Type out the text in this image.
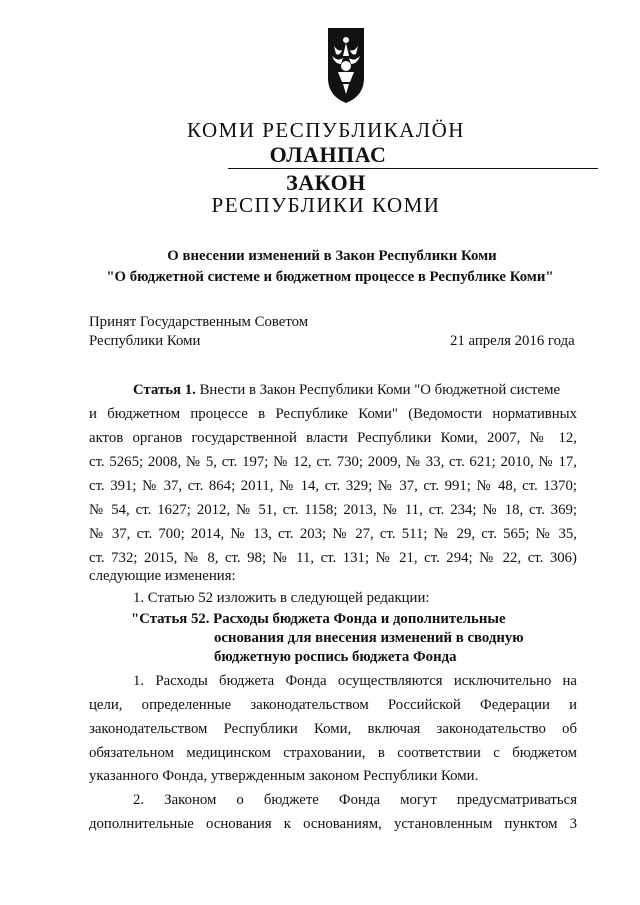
КОМИ РЕСПУБЛИКАЛӦН
ОЛАНПАС
ЗАКОН
РЕСПУБЛИКИ КОМИ
О внесении изменений в Закон Республики Коми
"О бюджетной системе и бюджетном процессе в Республике Коми"
Принят Государственным Советом
Республики Коми	21 апреля 2016 года
Статья 1. Внести в Закон Республики Коми "О бюджетной системе
и бюджетном процессе в Республике Коми" (Ведомости нормативных
актов органов государственной власти Республики Коми, 2007, № 12,
ст. 5265; 2008, № 5, ст. 197; № 12, ст. 730; 2009, № 33, ст. 621; 2010, № 17,
ст. 391; № 37, ст. 864; 2011, № 14, ст. 329; № 37, ст. 991; № 48, ст. 1370;
№ 54, ст. 1627; 2012, № 51, ст. 1158; 2013, № 11, ст. 234; № 18, ст. 369;
№ 37, ст. 700; 2014, № 13, ст. 203; № 27, ст. 511; № 29, ст. 565; № 35,
ст. 732; 2015, № 8, ст. 98; № 11, ст. 131; № 21, ст. 294; № 22, ст. 306)
следующие изменения:
1. Статью 52 изложить в следующей редакции:
"Статья 52. Расходы бюджета Фонда и дополнительные
основания для внесения изменений в сводную
бюджетную роспись бюджета Фонда
1. Расходы бюджета Фонда осуществляются исключительно на
цели, определенные законодательством Российской Федерации и
законодательством Республики Коми, включая законодательство об
обязательном медицинском страховании, в соответствии с бюджетом
указанного Фонда, утвержденным законом Республики Коми.
2. Законом о бюджете Фонда могут предусматриваться
дополнительные основания к основаниям, установленным пунктом 3
